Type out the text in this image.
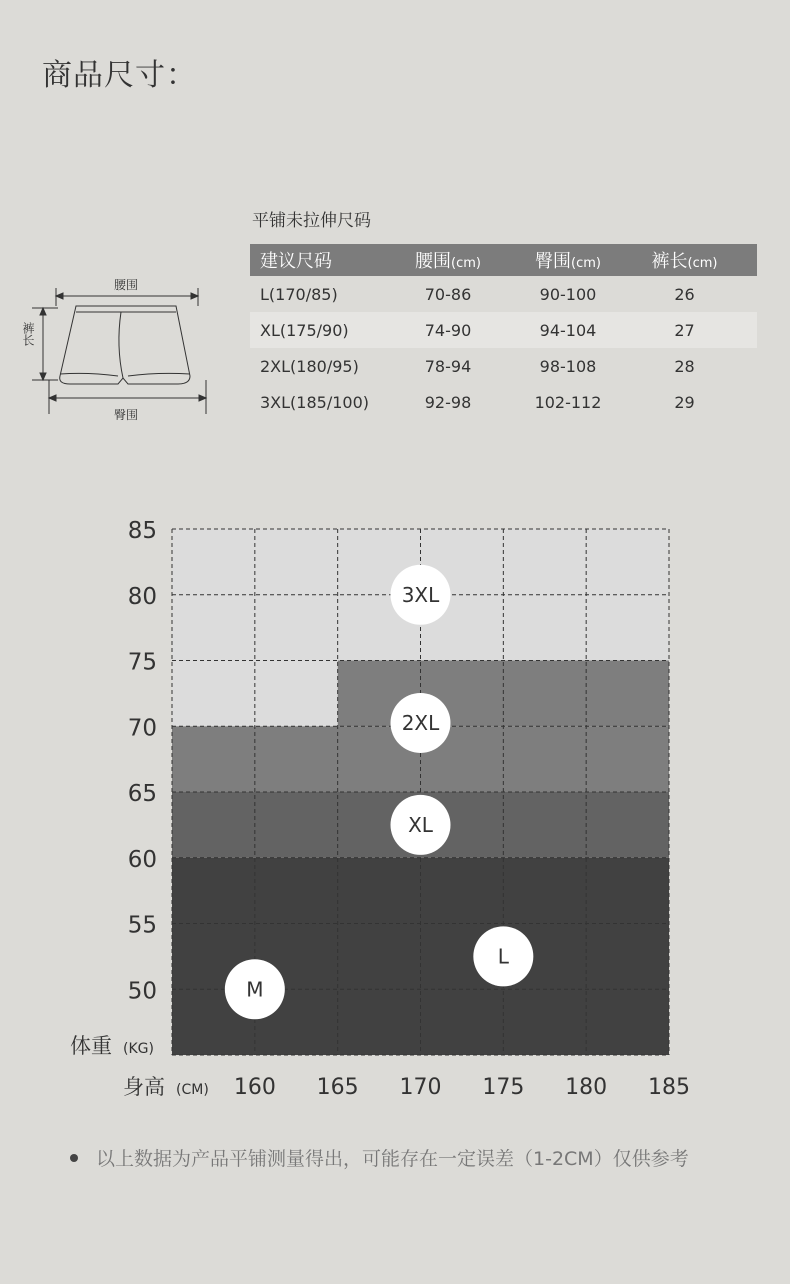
商品尺寸：
平铺未拉伸尺码
建议尺码	腰围(cm)	臀围(cm)	裤长(cm)
L(170/85)	70-86	90-100	26
XL(175/90)	74-90	94-104	27
2XL(180/95)	78-94	98-108	28
3XL(185/100)	92-98	102-112	29
腰围
裤长
臀围
50
55
60
65
70
75
80
85
160 165 170 175 180 185
体重 (KG)
身高 (CM)
3XL
2XL
XL
L
M
以上数据为产品平铺测量得出，可能存在一定误差（1-2CM）仅供参考
